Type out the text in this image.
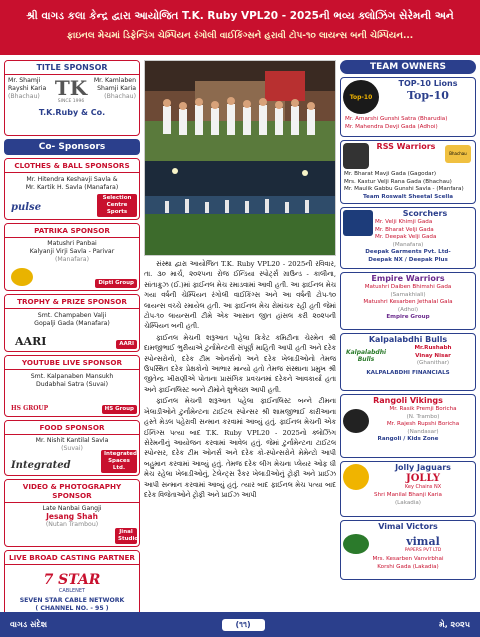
શ્રી વાગડ કલા કેન્દ્ર દ્વારા આયોજિત T.K. Ruby VPL20 - 2025ની ભવ્ય ક્લોઝિંગ સેરેમની અને
ફાઇનલ મેચમાં ડિફેન્ડિંગ ચેમ્પિયન રંગોલી વાઈકિંગ્સને હરાવી ટોપ-૧૦ લાયન્સ બની ચેમ્પિયન...
TITLE SPONSOR
Mr. Shamji Rayshi Karia
(Bhachau) TK
SINCE 1996
Mr. Kamlaben Shamji Karia
(Bhachau)
T.K.Ruby & Co.
Co- Sponsors
CLOTHES & BALL SPONSORS
Mr. Hitendra Keshavji Savla &
Mr. Kartik H. Savla (Manafara)
pulse
Selection Centre Sports
PATRIKA SPONSOR
Matushri Panbai
Kalyanji Virji Savla - Parivar
(Manafara)
Dipti Group
TROPHY & PRIZE SPONSOR
Smt. Champaben Valji
Gopalji Gada (Manafara)
AARI	AARI
YOUTUBE LIVE SPONSOR
Smt. Kalpanaben Mansukh
Dudabhai Satra (Suvai)
HS GROUP	HS Group
FOOD SPONSOR
Mr. Nishit Kantilal Savla
(Suvai)
Integrated
Integrated Spaces Ltd.
VIDEO & PHOTOGRAPHY SPONSOR
Late Nanbai Gangji
Jesang Shah
(Nutan Trambou)
Jinal Studio
LIVE BROAD CASTING PARTNER
7 STAR
CABLENET
SEVEN STAR CABLE NETWORK
( CHANNEL NO. - 95 )

સંસ્થા દ્વારા આયોજિત T.K. Ruby VPL20 - 2025ની રવિવાર, તા. ૩૦ માર્ચ, ૨૦૨૫ના રોજ ઈન્ડિયા સ્પોર્ટ્સ ગ્રાઉન્ડ - કાલીના, સાંતાક્રુઝ (ઈ.)માં ફાઈનલ મેચ રમાડવામાં આવી હતી. આ ફાઈનલ મેચ ગયા વર્ષની ચેમ્પિયન રંગોલી વાઈકિંગ્સ અને આ વર્ષની ટોપ-૧૦ લાયન્સ વચ્ચે રમાયેલ હતી. આ ફાઈનલ મેચ રોમાંચક રહી હતી જેમાં ટોપ-૧૦ લાયન્સની ટીમે એક આસાન જીત હાંસલ કરી ૨૦૨૫ની ચેમ્પિયન બની હતી.

ફાઈનલ મેચની શરૂઆત પહેલા ક્રિકેટ કમિટીના ચેરમેન શ્રી દામજીભાઈ ભુરીયાએ ટુર્નામેન્ટની સંપૂર્ણ માહિતી આપી હતી અને દરેક સ્પોન્સરોનો, દરેક ટીમ ઓનર્સનો અને દરેક ખેલાડીઓનો તેમજ ઉપસ્થિત દરેક પ્રેક્ષકોનો આભાર માન્યો હતો તેમજ સંસ્થાના પ્રમુખ શ્રી જીતેન્દ્ર ખીરાણીએ પોતાના પ્રાસંગિક પ્રવચનમાં દરેકને આવકાર્યા હતા અને ફાઈનલિસ્ટ બન્ને ટીમોને શુભેચ્છા આપી હતી.

ફાઈનલ મેચની શરૂઆત પહેલા ફાઈનલિસ્ટ બન્ને ટીમના ખેલાડીઓને ટુર્નામેન્ટના ટાઈટલ સ્પોન્સર શ્રી શામજીભાઈ કારીઆના હસ્તે મેડલ પહેરાવી સન્માન કરવામાં આવ્યું હતું. ફાઈનલ મેચની એક ઈનિંગ્સ પત્યા બાદ T.K. Ruby VPL20 - 2025નો ક્લોઝિંગ સેરેમનીનું આયોજન કરવામાં આવેલ હતું. જેમાં ટુર્નામેન્ટના ટાઈટલ સ્પોન્સર, દરેક ટીમ ઓનર્સ અને દરેક કો-સ્પોન્સરોને મેમેન્ટો આપી બહુમાન કરવામાં આવ્યું હતું. તેમજ દરેક લીગ મેચના પ્લેયર ઓફ ધી મેચ રહેલા ખેલાડીઓનું, ટેલેન્ટ્સ રૈકર ખેલાડીઓનું ટ્રોફી અને પ્રાઈઝ આપી સન્માન કરવામાં આવ્યું હતું. ત્યાર બાદ ફાઈનલ મેચ પત્યા બાદ દરેક વિજેતાઓને ટ્રોફી અને પ્રાઈઝ આપી

TEAM OWNERS
Top-10
TOP-10 Lions
Top-10
Mr. Amarshi Gunshi Satra (Bharudia)
Mr. Mahendra Devji Gada (Adhoi)
RSS Warriors
Bhachau
Mr. Bharat Mavji Gada (Gagodar)
Mrs. Kastur Velji Rana Gada (Bhachau)
Mr. Maulik Gabbu Gunshi Savla - (Manfara)
Team Roswalt Sheetal Scella
Scorchers
Mr. Velji Khimji Gada
Mr. Bharat Velji Gada
Mr. Deepak Velji Gada
(Manafara)
Deepak Garments Pvt. Ltd-
Deepak NX / Deepak Plus
Empire Warriors
Matushri Daiben Bhimshi Gada
(Samakhiali)
Matushri Kesarben Jethalal Gala
(Adhoi)
Empire Group
Kalpalabdhi Bulls
Kalpalabdhi Bulls
Mr.Rushabh
Vinay Nisar
(Ghanithar)
KALPALABDHI FINANCIALS
Rangoli Vikings
Mr. Rasik Premji Boricha
(N. Trambo)
Mr. Rajesh Rupshi Boricha
(Nandasar)
Rangoli / Kids Zone
Jolly Jaguars
JOLLY
Key Chains NX
Shri Manilal Bhanji Karia
(Lakadia)
Vimal Victors
vimal
PAPERS PVT LTD
Mrs. Kesarben Vanvirbhai
Korshi Gada (Lakadia)
વાગડ સંદેશ	(૧૧)	મે, ૨૦૨૫
